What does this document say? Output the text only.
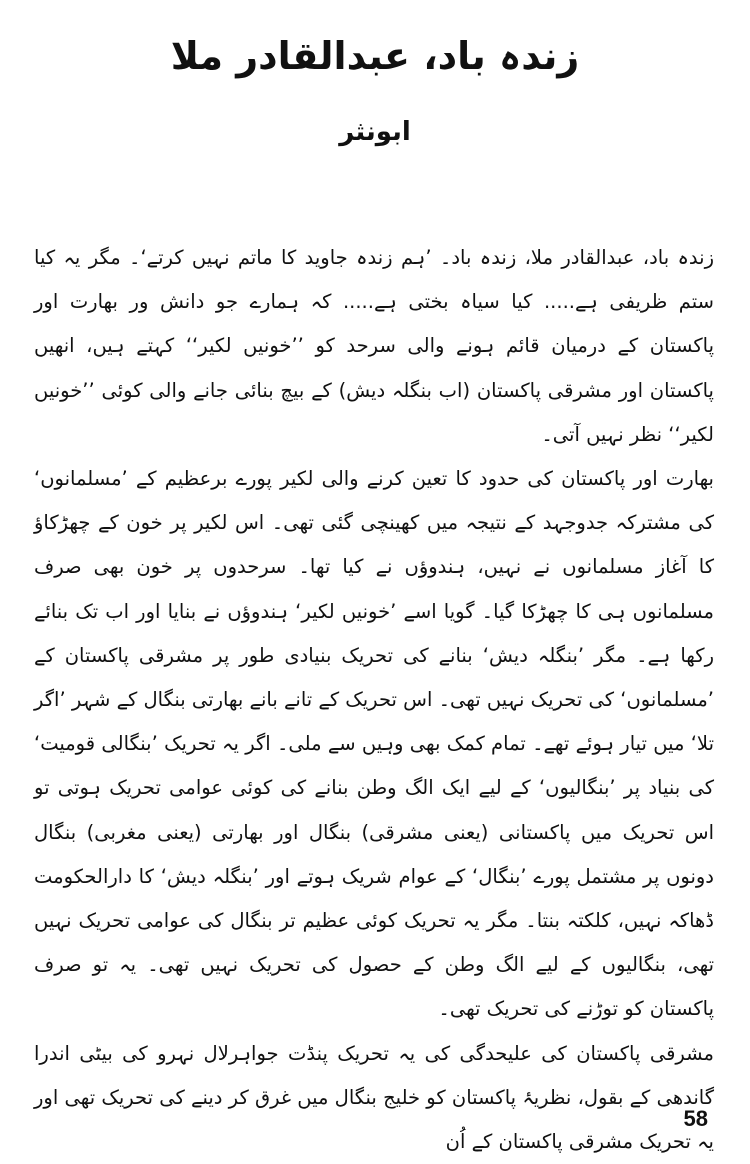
زندہ باد، عبدالقادر ملا
ابونثر

زندہ باد، عبدالقادر ملا، زندہ باد۔ ’ہم زندہ جاوید کا ماتم نہیں کرتے‘۔ مگر یہ کیا ستم ظریفی ہے..... کیا سیاہ بختی ہے..... کہ ہمارے جو دانش ور بھارت اور پاکستان کے درمیان قائم ہونے والی سرحد کو ’’خونیں لکیر‘‘ کہتے ہیں، انھیں پاکستان اور مشرقی پاکستان (اب بنگلہ دیش) کے بیچ بنائی جانے والی کوئی ’’خونیں لکیر‘‘ نظر نہیں آتی۔

بھارت اور پاکستان کی حدود کا تعین کرنے والی لکیر پورے برعظیم کے ’مسلمانوں‘ کی مشترکہ جدوجہد کے نتیجہ میں کھینچی گئی تھی۔ اس لکیر پر خون کے چھڑکاؤ کا آغاز مسلمانوں نے نہیں، ہندوؤں نے کیا تھا۔ سرحدوں پر خون بھی صرف مسلمانوں ہی کا چھڑکا گیا۔ گویا اسے ’خونیں لکیر‘ ہندوؤں نے بنایا اور اب تک بنائے رکھا ہے۔ مگر ’بنگلہ دیش‘ بنانے کی تحریک بنیادی طور پر مشرقی پاکستان کے ’مسلمانوں‘ کی تحریک نہیں تھی۔ اس تحریک کے تانے بانے بھارتی بنگال کے شہر ’اگر تلا‘ میں تیار ہوئے تھے۔ تمام کمک بھی وہیں سے ملی۔ اگر یہ تحریک ’بنگالی قومیت‘ کی بنیاد پر ’بنگالیوں‘ کے لیے ایک الگ وطن بنانے کی کوئی عوامی تحریک ہوتی تو اس تحریک میں پاکستانی (یعنی مشرقی) بنگال اور بھارتی (یعنی مغربی) بنگال دونوں پر مشتمل پورے ’بنگال‘ کے عوام شریک ہوتے اور ’بنگلہ دیش‘ کا دارالحکومت ڈھاکہ نہیں، کلکتہ بنتا۔ مگر یہ تحریک کوئی عظیم تر بنگال کی عوامی تحریک نہیں تھی، بنگالیوں کے لیے الگ وطن کے حصول کی تحریک نہیں تھی۔ یہ تو صرف پاکستان کو توڑنے کی تحریک تھی۔

مشرقی پاکستان کی علیحدگی کی یہ تحریک پنڈت جواہرلال نہرو کی بیٹی اندرا گاندھی کے بقول، نظریۂ پاکستان کو خلیج بنگال میں غرق کر دینے کی تحریک تھی اور یہ تحریک مشرقی پاکستان کے اُن

58
